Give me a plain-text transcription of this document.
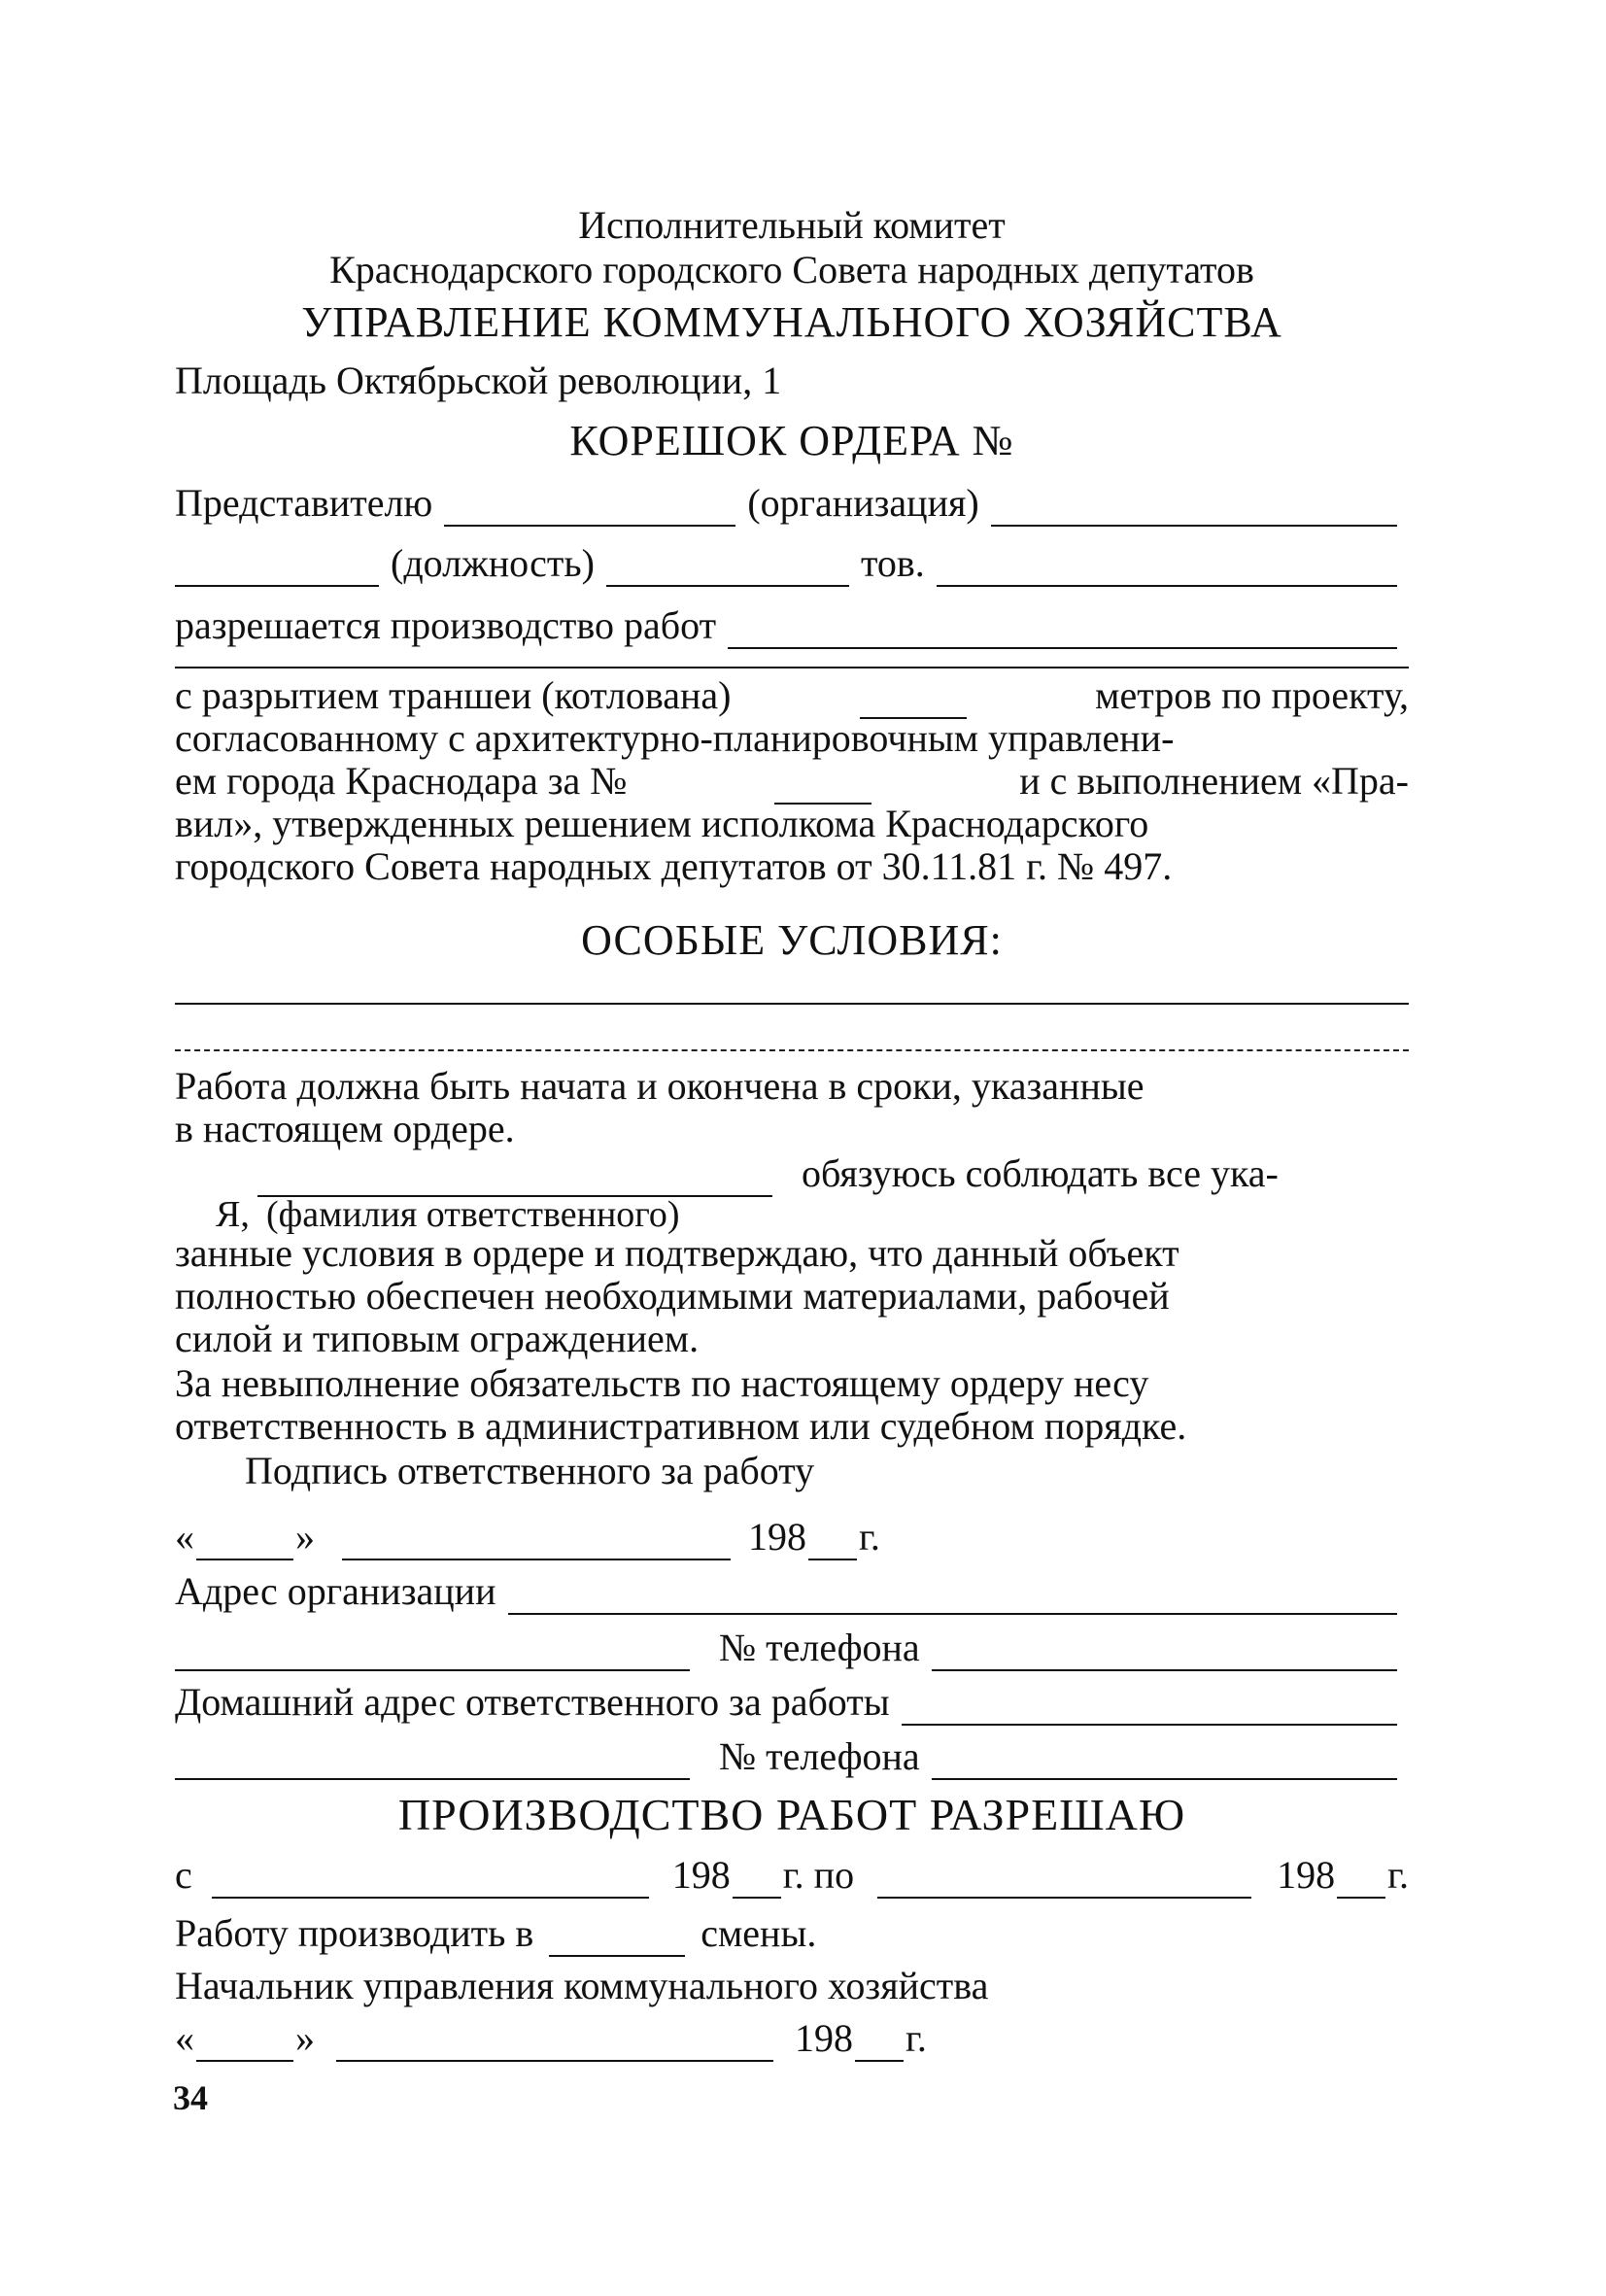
Исполнительный комитет
Краснодарского городского Совета народных депутатов
УПРАВЛЕНИЕ КОММУНАЛЬНОГО ХОЗЯЙСТВА
Площадь Октябрьской революции, 1
КОРЕШОК ОРДЕРА №
Представителю	(организация)
(должность)	тов.
разрешается производство работ
с разрытием траншеи (котлована)	метров по проекту,
согласованному с архитектурно-планировочным управлени-
ем города Краснодара за №	и с выполнением «Пра-
вил», утвержденных решением исполкома Краснодарского
городского Совета народных депутатов от 30.11.81 г. № 497.
ОСОБЫЕ УСЛОВИЯ:
Работа должна быть начата и окончена в сроки, указанные
в настоящем ордере.
обязуюсь соблюдать все ука-
Я, (фамилия ответственного)
занные условия в ордере и подтверждаю, что данный объект
полностью обеспечен необходимыми материалами, рабочей
силой и типовым ограждением.
За невыполнение обязательств по настоящему ордеру несу
ответственность в административном или судебном порядке.
Подпись ответственного за работу
«	»	198 г.
Адрес организации
№ телефона
Домашний адрес ответственного за работы
№ телефона
ПРОИЗВОДСТВО РАБОТ РАЗРЕШАЮ
с	198 г. по	198 г.
Работу производить в	смены.
Начальник управления коммунального хозяйства
«	»	198 г.
34
